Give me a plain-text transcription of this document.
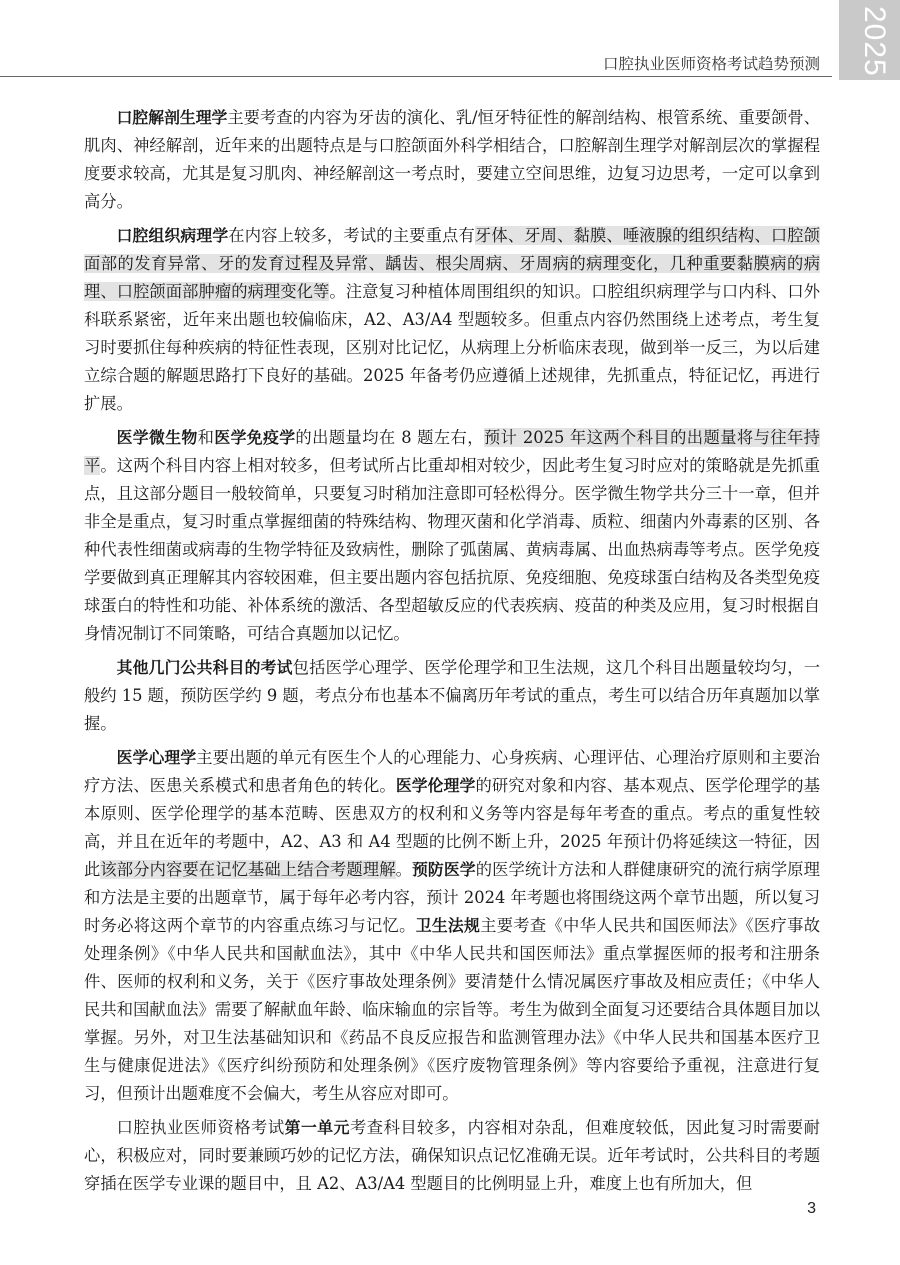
2025
口腔执业医师资格考试趋势预测

口腔解剖生理学主要考查的内容为牙齿的演化、乳/恒牙特征性的解剖结构、根管系统、重要颌骨、肌肉、神经解剖，近年来的出题特点是与口腔颌面外科学相结合，口腔解剖生理学对解剖层次的掌握程度要求较高，尤其是复习肌肉、神经解剖这一考点时，要建立空间思维，边复习边思考，一定可以拿到高分。

口腔组织病理学在内容上较多，考试的主要重点有牙体、牙周、黏膜、唾液腺的组织结构、口腔颌面部的发育异常、牙的发育过程及异常、龋齿、根尖周病、牙周病的病理变化，几种重要黏膜病的病理、口腔颌面部肿瘤的病理变化等。注意复习种植体周围组织的知识。口腔组织病理学与口内科、口外科联系紧密，近年来出题也较偏临床，A2、A3/A4 型题较多。但重点内容仍然围绕上述考点，考生复习时要抓住每种疾病的特征性表现，区别对比记忆，从病理上分析临床表现，做到举一反三，为以后建立综合题的解题思路打下良好的基础。2025 年备考仍应遵循上述规律，先抓重点，特征记忆，再进行扩展。

医学微生物和医学免疫学的出题量均在 8 题左右，预计 2025 年这两个科目的出题量将与往年持平。这两个科目内容上相对较多，但考试所占比重却相对较少，因此考生复习时应对的策略就是先抓重点，且这部分题目一般较简单，只要复习时稍加注意即可轻松得分。医学微生物学共分三十一章，但并非全是重点，复习时重点掌握细菌的特殊结构、物理灭菌和化学消毒、质粒、细菌内外毒素的区别、各种代表性细菌或病毒的生物学特征及致病性，删除了弧菌属、黄病毒属、出血热病毒等考点。医学免疫学要做到真正理解其内容较困难，但主要出题内容包括抗原、免疫细胞、免疫球蛋白结构及各类型免疫球蛋白的特性和功能、补体系统的激活、各型超敏反应的代表疾病、疫苗的种类及应用，复习时根据自身情况制订不同策略，可结合真题加以记忆。

其他几门公共科目的考试包括医学心理学、医学伦理学和卫生法规，这几个科目出题量较均匀，一般约 15 题，预防医学约 9 题，考点分布也基本不偏离历年考试的重点，考生可以结合历年真题加以掌握。

医学心理学主要出题的单元有医生个人的心理能力、心身疾病、心理评估、心理治疗原则和主要治疗方法、医患关系模式和患者角色的转化。医学伦理学的研究对象和内容、基本观点、医学伦理学的基本原则、医学伦理学的基本范畴、医患双方的权利和义务等内容是每年考查的重点。考点的重复性较高，并且在近年的考题中，A2、A3 和 A4 型题的比例不断上升，2025 年预计仍将延续这一特征，因此该部分内容要在记忆基础上结合考题理解。预防医学的医学统计方法和人群健康研究的流行病学原理和方法是主要的出题章节，属于每年必考内容，预计 2024 年考题也将围绕这两个章节出题，所以复习时务必将这两个章节的内容重点练习与记忆。卫生法规主要考查《中华人民共和国医师法》《医疗事故处理条例》《中华人民共和国献血法》，其中《中华人民共和国医师法》重点掌握医师的报考和注册条件、医师的权利和义务，关于《医疗事故处理条例》要清楚什么情况属医疗事故及相应责任；《中华人民共和国献血法》需要了解献血年龄、临床输血的宗旨等。考生为做到全面复习还要结合具体题目加以掌握。另外，对卫生法基础知识和《药品不良反应报告和监测管理办法》《中华人民共和国基本医疗卫生与健康促进法》《医疗纠纷预防和处理条例》《医疗废物管理条例》等内容要给予重视，注意进行复习，但预计出题难度不会偏大，考生从容应对即可。

口腔执业医师资格考试第一单元考查科目较多，内容相对杂乱，但难度较低，因此复习时需要耐心，积极应对，同时要兼顾巧妙的记忆方法，确保知识点记忆准确无误。近年考试时，公共科目的考题穿插在医学专业课的题目中，且 A2、A3/A4 型题目的比例明显上升，难度上也有所加大，但

3
